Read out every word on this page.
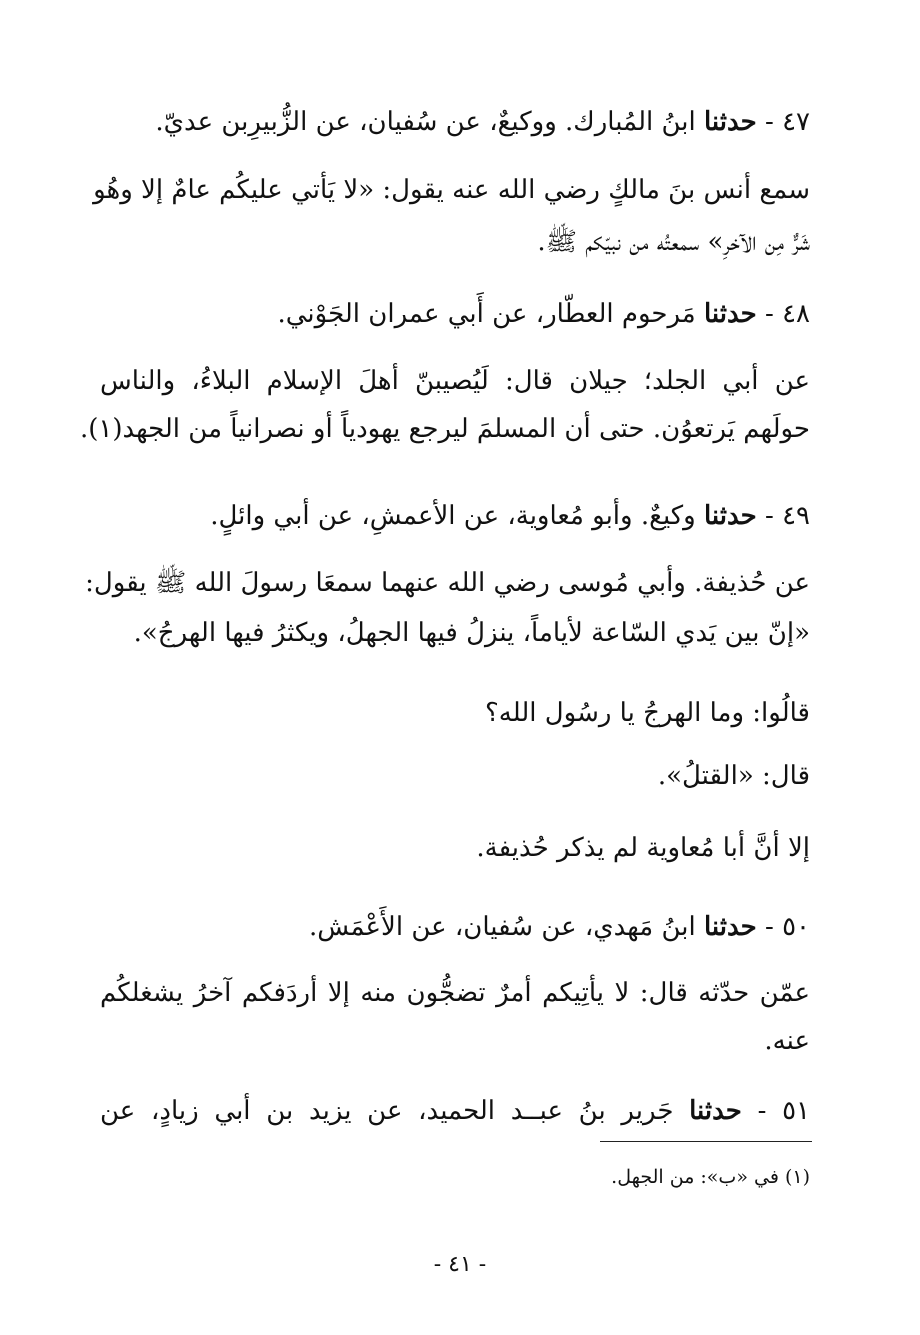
٤٧ - حدثنا ابنُ المُبارك. ووكيعٌ، عن سُفيان، عن الزُّبيرِبن عديّ.
سمع أنس بنَ مالكٍ رضي الله عنه يقول: «لا يَأتي عليكُم عامٌ إلا وهُو
شَرٌّ مِن الآخرِ» سمعتُه من نبيّكم ﷺ.
٤٨ - حدثنا مَرحوم العطّار، عن أَبي عمران الجَوْني.
عن أبي الجلد؛ جيلان قال: لَيُصيبنّ أهلَ الإسلام البلاءُ، والناس
حولَهم يَرتعوُن. حتى أن المسلمَ ليرجع يهودياً أو نصرانياً من الجهد(١).
٤٩ - حدثنا وكيعٌ. وأبو مُعاوية، عن الأعمشِ، عن أبي وائلٍ.
عن حُذيفة. وأبي مُوسى رضي الله عنهما سمعَا رسولَ الله ﷺ يقول:
«إنّ بين يَدي السّاعة لأياماً، ينزلُ فيها الجهلُ، ويكثرُ فيها الهرجُ».
قالُوا: وما الهرجُ يا رسُول الله؟
قال: «القتلُ».
إلا أنَّ أبا مُعاوية لم يذكر حُذيفة.
٥٠ - حدثنا ابنُ مَهدي، عن سُفيان، عن الأَعْمَش.
عمّن حدّثه قال: لا يأتِيكم أمرٌ تضجُّون منه إلا أردَفكم آخرُ يشغلكُم
عنه.
٥١ - حدثنا جَرير بنُ عبــد الحميد، عن يزيد بن أبي زيادٍ، عن
(١) في «ب»: من الجهل.
- ٤١ -
